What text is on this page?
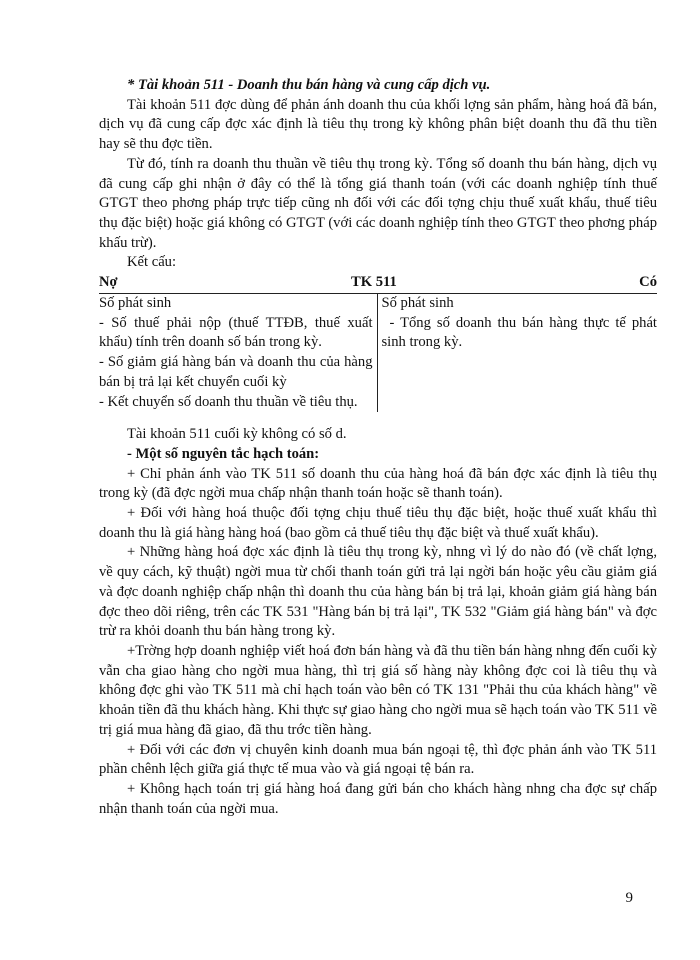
* Tài khoản 511 - Doanh thu bán hàng và cung cấp dịch vụ.

Tài khoản 511 đợc dùng để phản ánh doanh thu của khối lợng sản phẩm, hàng hoá đã bán, dịch vụ đã cung cấp đợc xác định là tiêu thụ trong kỳ không phân biệt doanh thu đã thu tiền hay sẽ thu đợc tiền.

Từ đó, tính ra doanh thu thuần về tiêu thụ trong kỳ. Tổng số doanh thu bán hàng, dịch vụ đã cung cấp ghi nhận ở đây có thể là tổng giá thanh toán (với các doanh nghiệp tính thuế GTGT theo phơng pháp trực tiếp cũng nh đối với các đối tợng chịu thuế xuất khẩu, thuế tiêu thụ đặc biệt) hoặc giá không có GTGT (với các doanh nghiệp tính theo GTGT theo phơng pháp khấu trừ).

Kết cấu:

Nợ	TK 511	Có

Số phát sinh

- Số thuế phải nộp (thuế TTĐB, thuế xuất khẩu) tính trên doanh số bán trong kỳ.

- Số giảm giá hàng bán và doanh thu của hàng bán bị trả lại kết chuyển cuối kỳ

- Kết chuyển số doanh thu thuần về tiêu thụ.

Số phát sinh

- Tổng số doanh thu bán hàng thực tế phát sinh trong kỳ.

Tài khoản 511 cuối kỳ không có số d.

- Một số nguyên tắc hạch toán:

+ Chỉ phản ánh vào TK 511 số doanh thu của hàng hoá đã bán đợc xác định là tiêu thụ trong kỳ (đã đợc ngời mua chấp nhận thanh toán hoặc sẽ thanh toán).

+ Đối với hàng hoá thuộc đối tợng chịu thuế tiêu thụ đặc biệt, hoặc thuế xuất khẩu thì doanh thu là giá hàng hàng hoá (bao gồm cả thuế tiêu thụ đặc biệt và thuế xuất khẩu).

+ Những hàng hoá đợc xác định là tiêu thụ trong kỳ, nhng vì lý do nào đó (về chất lợng, về quy cách, kỹ thuật) ngời mua từ chối thanh toán gửi trả lại ngời bán hoặc yêu cầu giảm giá và đợc doanh nghiệp chấp nhận thì doanh thu của hàng bán bị trả lại, khoản giảm giá hàng bán đợc theo dõi riêng, trên các TK 531 "Hàng bán bị trả lại", TK 532 "Giảm giá hàng bán" và đợc trừ ra khỏi doanh thu bán hàng trong kỳ.

+Trờng hợp doanh nghiệp viết hoá đơn bán hàng và đã thu tiền bán hàng nhng đến cuối kỳ vẫn cha giao hàng cho ngời mua hàng, thì trị giá số hàng này không đợc coi là tiêu thụ và không đợc ghi vào TK 511 mà chỉ hạch toán vào bên có TK 131 "Phải thu của khách hàng" về khoản tiền đã thu khách hàng. Khi thực sự giao hàng cho ngời mua sẽ hạch toán vào TK 511 về trị giá mua hàng đã giao, đã thu trớc tiền hàng.

+ Đối với các đơn vị chuyên kinh doanh mua bán ngoại tệ, thì đợc phản ánh vào TK 511 phần chênh lệch giữa giá thực tế mua vào và giá ngoại tệ bán ra.

+ Không hạch toán trị giá hàng hoá đang gửi bán cho khách hàng nhng cha đợc sự chấp nhận thanh toán của ngời mua.

9
